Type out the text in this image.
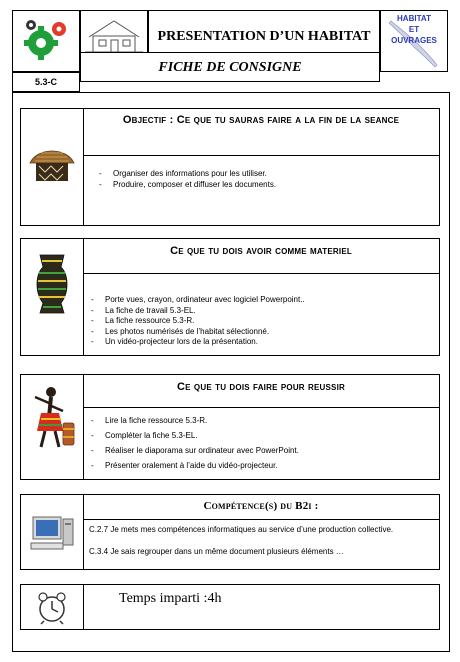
5.3-C
PRESENTATION D’UN HABITAT
FICHE DE CONSIGNE
HABITAT
ET
OUVRAGES
Objectif : Ce que tu sauras faire a la fin de la seance
- Organiser des informations pour les utiliser.
- Produire, composer et diffuser les documents.
Ce que tu dois avoir comme materiel
- Porte vues, crayon, ordinateur avec logiciel Powerpoint..
- La fiche de travail 5.3-EL.
- La fiche ressource 5.3-R.
- Les photos numérisés de l’habitat sélectionné.
- Un vidéo-projecteur lors de la présentation.
Ce que tu dois faire pour reussir
- Lire la fiche ressource 5.3-R.
- Compléter la fiche 5.3-EL.
- Réaliser le diaporama sur ordinateur avec PowerPoint.
- Présenter oralement à l’aide du vidéo-projecteur.
Compétence(s) du B2i :
C.2.7 Je mets mes compétences informatiques au service d’une production collective.
C.3.4 Je sais regrouper dans un même document plusieurs éléments …
Temps imparti :4h
